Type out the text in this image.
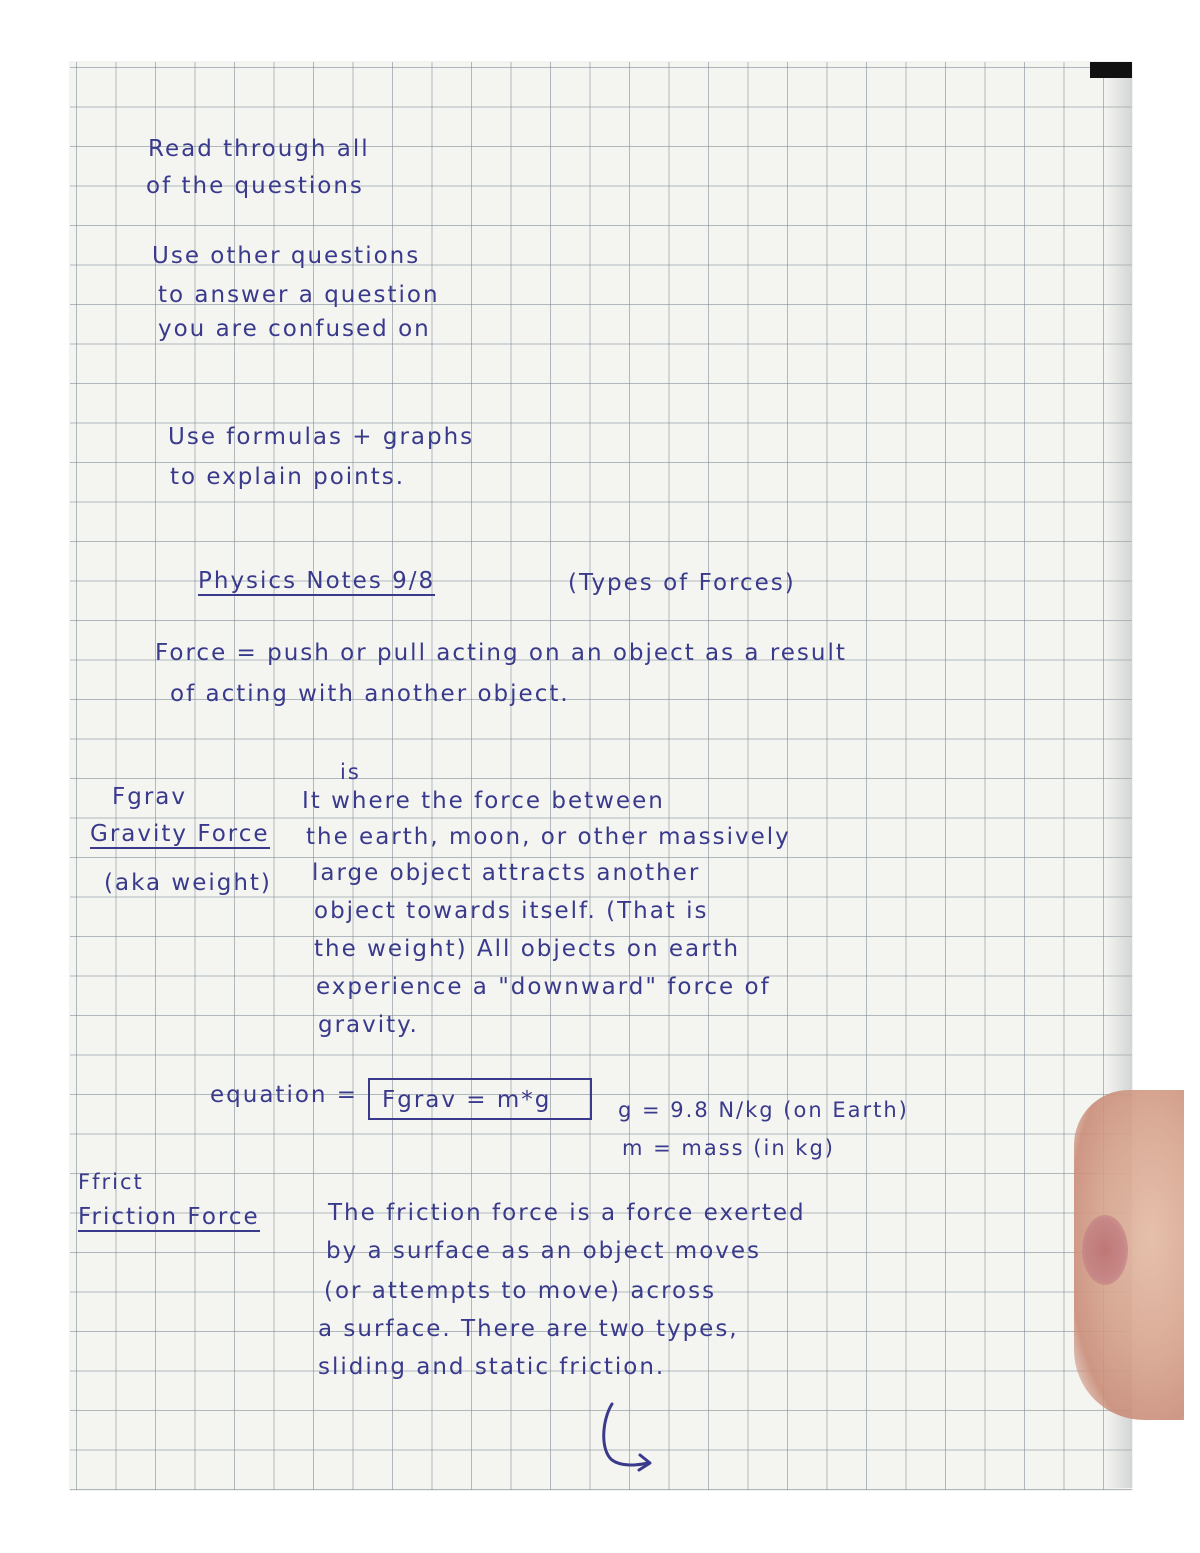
Read through all
of the questions
Use other questions
to answer a question
you are confused on
Use formulas + graphs
to explain points.
Physics Notes 9/8	(Types of Forces)
Force = push or pull acting on an object as a result
of acting with another object.
Fgrav
Gravity Force
(aka weight)
is
It where the force between
the earth, moon, or other massively
large object attracts another
object towards itself. (That is
the weight) All objects on earth
experience a "downward" force of
gravity.
equation = Fgrav = m*g	g = 9.8 N/kg (on Earth)
m = mass (in kg)
Ffrict
Friction Force	The friction force is a force exerted
by a surface as an object moves
(or attempts to move) across
a surface. There are two types,
sliding and static friction.
